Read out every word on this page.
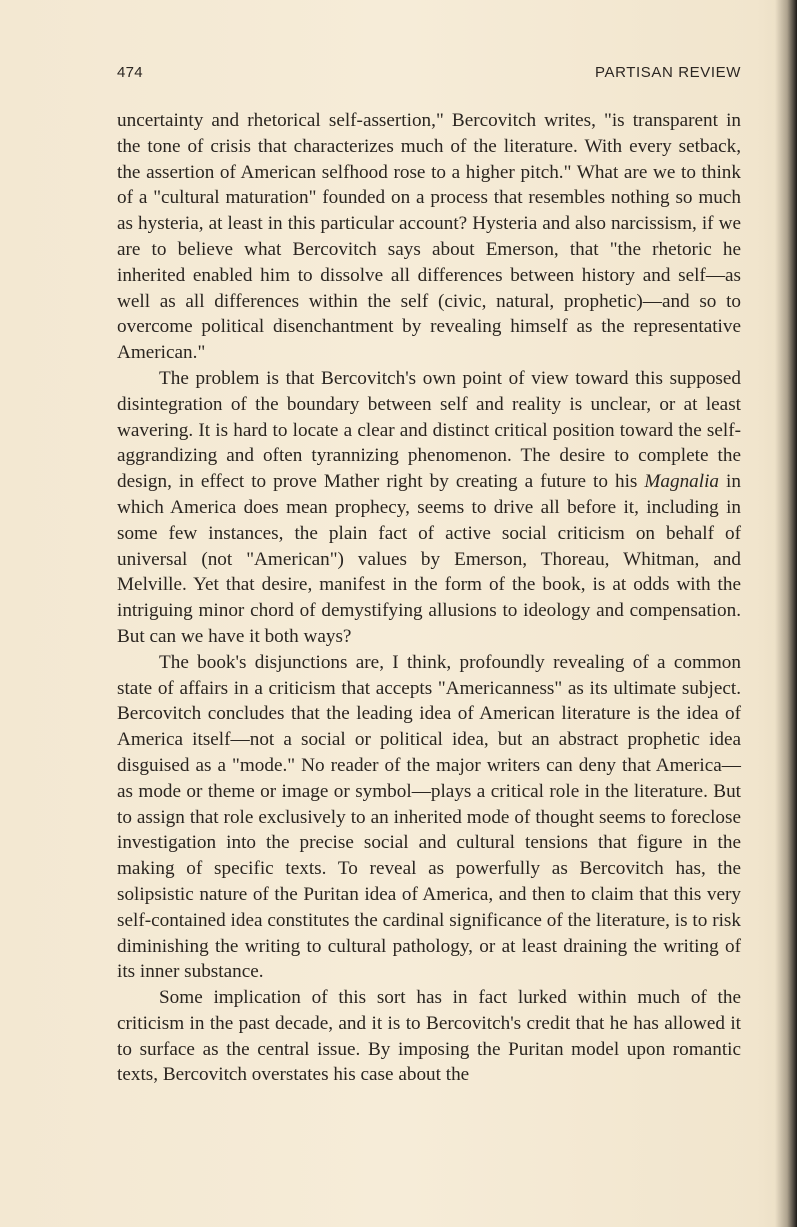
474	PARTISAN REVIEW

uncertainty and rhetorical self-assertion," Bercovitch writes, "is transparent in the tone of crisis that characterizes much of the literature. With every setback, the assertion of American selfhood rose to a higher pitch." What are we to think of a "cultural maturation" founded on a process that resembles nothing so much as hysteria, at least in this particular account? Hysteria and also narcissism, if we are to believe what Bercovitch says about Emerson, that "the rhetoric he inherited enabled him to dissolve all differences between history and self—as well as all differences within the self (civic, natural, prophetic)—and so to overcome political disenchantment by revealing himself as the representative American."

The problem is that Bercovitch's own point of view toward this supposed disintegration of the boundary between self and reality is unclear, or at least wavering. It is hard to locate a clear and distinct critical position toward the self-aggrandizing and often tyrannizing phenomenon. The desire to complete the design, in effect to prove Mather right by creating a future to his Magnalia in which America does mean prophecy, seems to drive all before it, including in some few instances, the plain fact of active social criticism on behalf of universal (not "American") values by Emerson, Thoreau, Whitman, and Melville. Yet that desire, manifest in the form of the book, is at odds with the intriguing minor chord of demystifying allusions to ideology and compensation. But can we have it both ways?

The book's disjunctions are, I think, profoundly revealing of a common state of affairs in a criticism that accepts "Americanness" as its ultimate subject. Bercovitch concludes that the leading idea of American literature is the idea of America itself—not a social or political idea, but an abstract prophetic idea disguised as a "mode." No reader of the major writers can deny that America—as mode or theme or image or symbol—plays a critical role in the literature. But to assign that role exclusively to an inherited mode of thought seems to foreclose investigation into the precise social and cultural tensions that figure in the making of specific texts. To reveal as powerfully as Bercovitch has, the solipsistic nature of the Puritan idea of America, and then to claim that this very self-contained idea constitutes the cardinal significance of the literature, is to risk diminishing the writing to cultural pathology, or at least draining the writing of its inner substance.

Some implication of this sort has in fact lurked within much of the criticism in the past decade, and it is to Bercovitch's credit that he has allowed it to surface as the central issue. By imposing the Puritan model upon romantic texts, Bercovitch overstates his case about the
